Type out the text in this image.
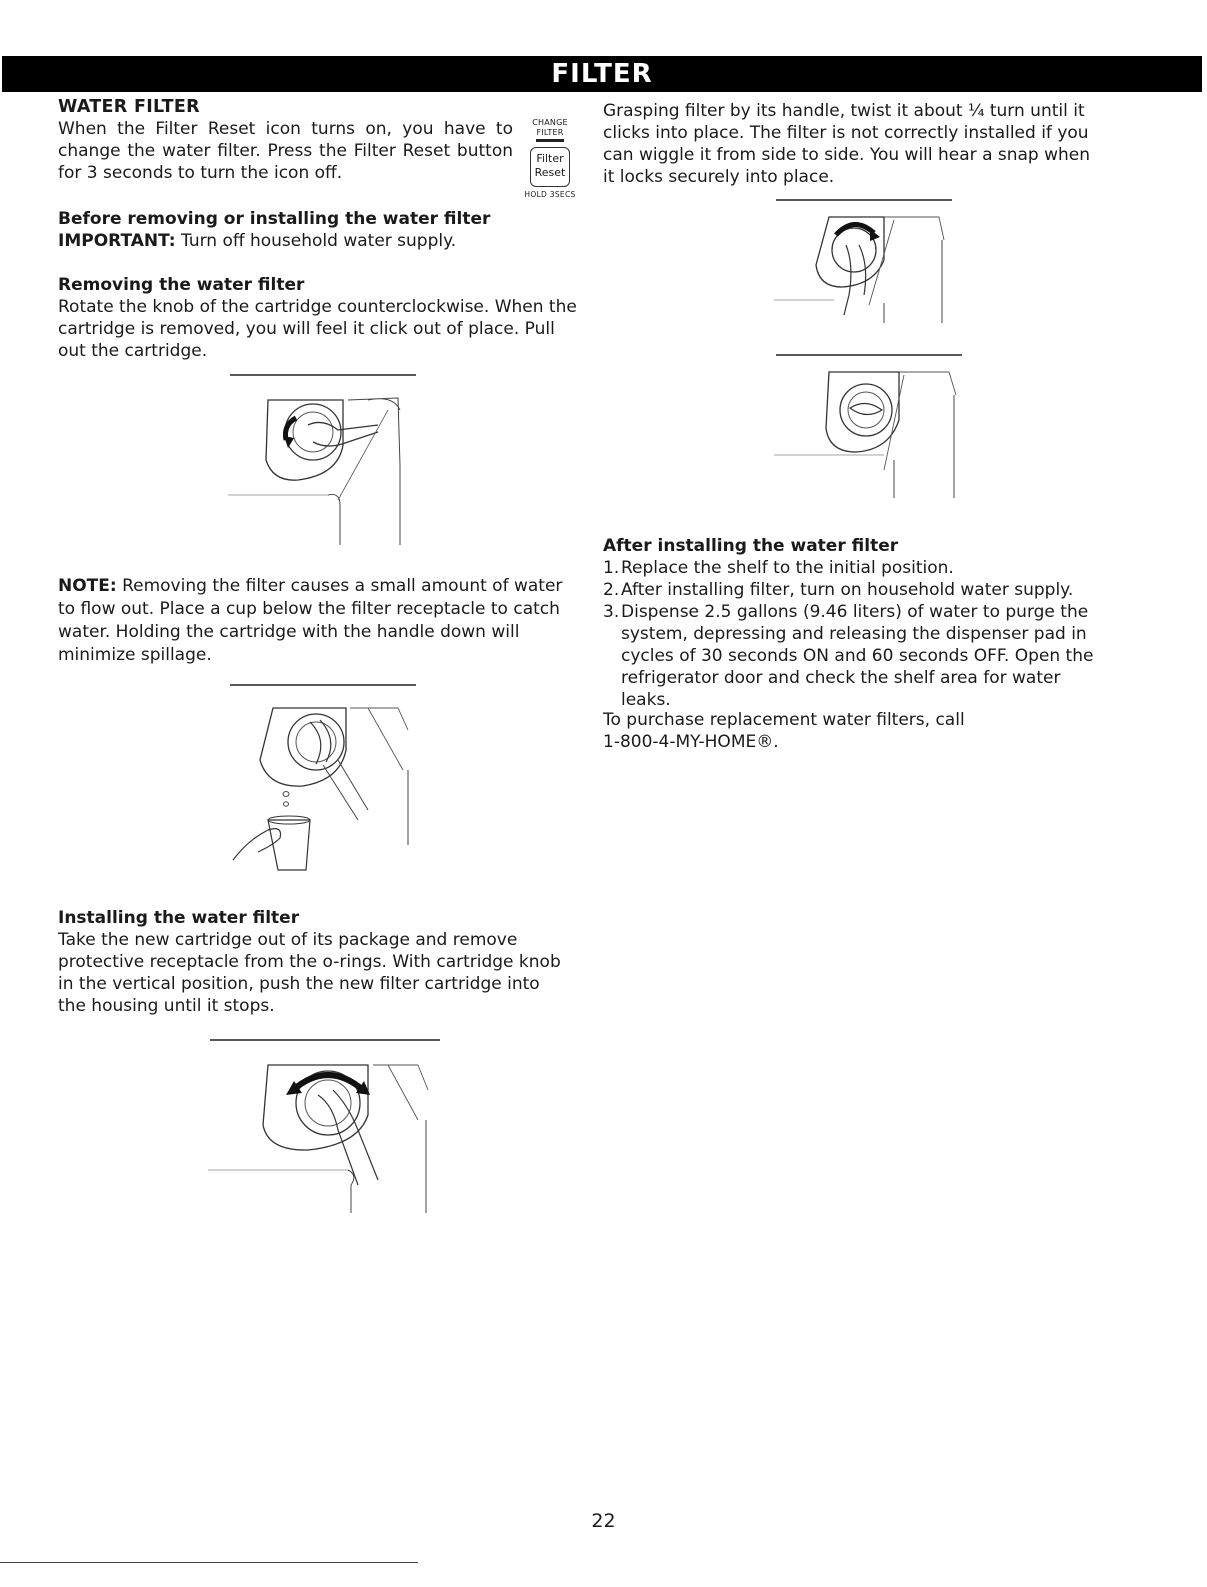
FILTER
WATER FILTER

When the Filter Reset icon turns on, you have to change the water filter. Press the Filter Reset button for 3 seconds to turn the icon off.

CHANGE FILTER
Filter
Reset
HOLD 3SECS
Before removing or installing the water filter

IMPORTANT: Turn off household water supply.

Removing the water filter

Rotate the knob of the cartridge counterclockwise. When the cartridge is removed, you will feel it click out of place. Pull out the cartridge.

NOTE: Removing the filter causes a small amount of water to flow out. Place a cup below the filter receptacle to catch water. Holding the cartridge with the handle down will minimize spillage.

Installing the water filter

Take the new cartridge out of its package and remove protective receptacle from the o-rings. With cartridge knob in the vertical position, push the new filter cartridge into the housing until it stops.

Grasping filter by its handle, twist it about ¼ turn until it clicks into place. The filter is not correctly installed if you can wiggle it from side to side. You will hear a snap when it locks securely into place.

After installing the water filter
1. Replace the shelf to the initial position.
2. After installing filter, turn on household water supply.
3. Dispense 2.5 gallons (9.46 liters) of water to purge the system, depressing and releasing the dispenser pad in cycles of 30 seconds ON and 60 seconds OFF. Open the refrigerator door and check the shelf area for water leaks.
To purchase replacement water filters, call
1-800-4-MY-HOME®.
22
